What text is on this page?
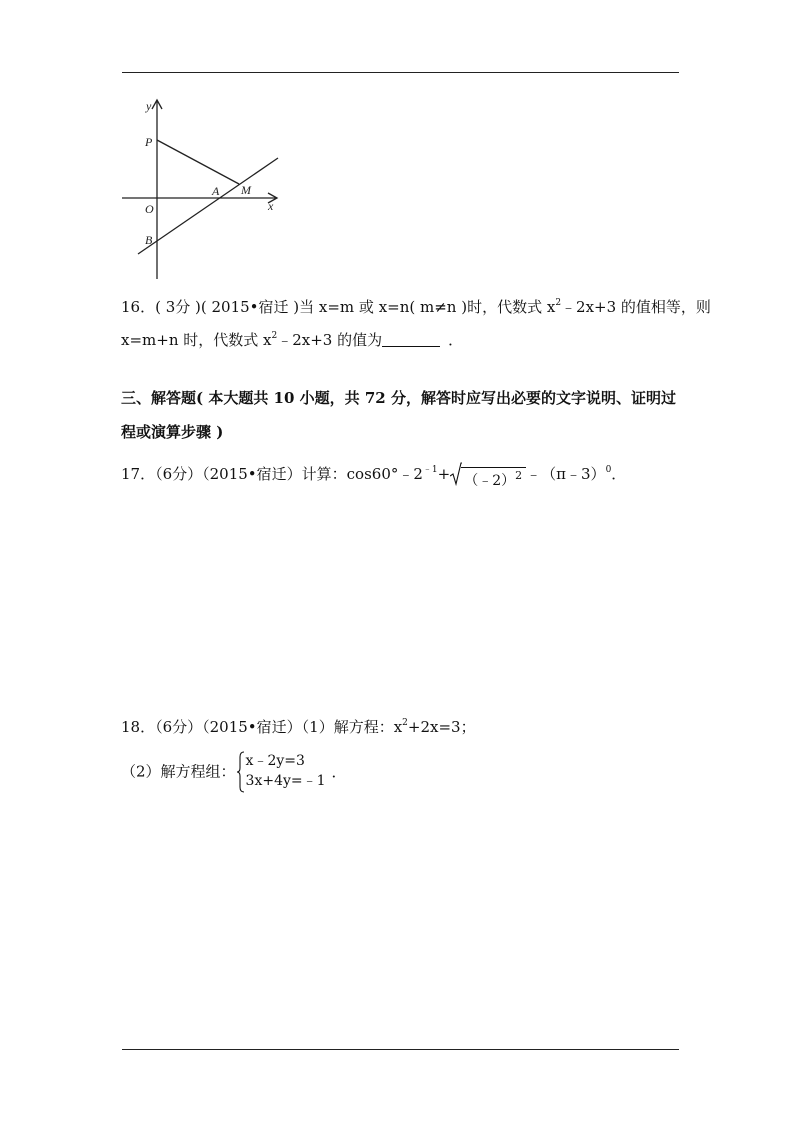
y
x
P
O
A M
B
16．( 3分 )( 2015•宿迁 )当 x=m 或 x=n( m≠n )时，代数式 $x^2﹣2x+3$ 的值相等，则
x=m+n 时，代数式 $x^2﹣2x+3$ 的值为	．
三、解答题( 本大题共 10 小题，共 72 分，解答时应写出必要的文字说明、证明过
程或演算步骤 )
17．（6分）（2015•宿迁）计算：$\cos 60^\circ﹣2^{﹣1}+$ （﹣2）$^2$ ﹣（π﹣3）$^0$．
18．（6分）（2015•宿迁）（1）解方程：$x^2+2x=3$；
（2）解方程组：
x﹣2y=3
3x+4y=﹣1
．
